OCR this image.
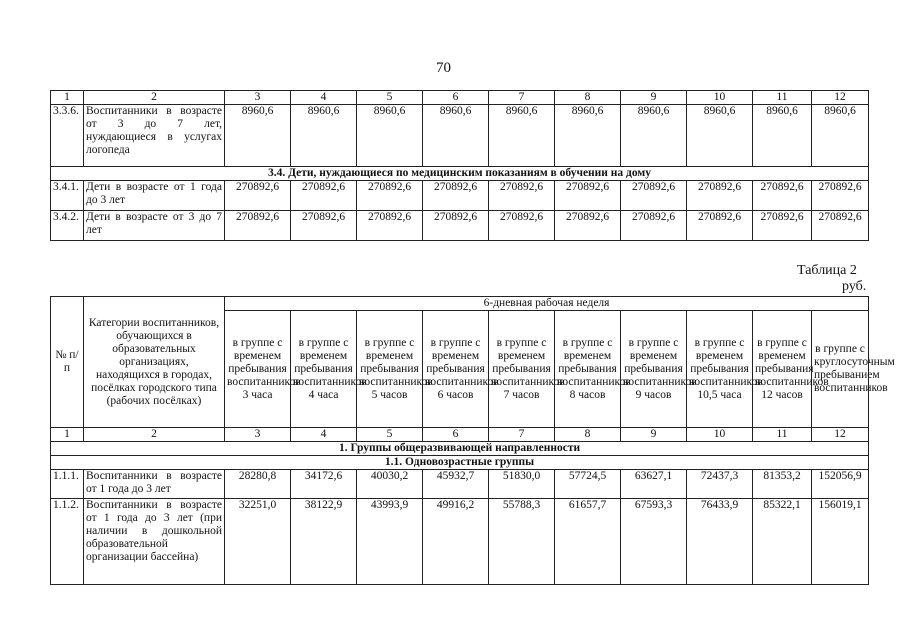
70
1	2	3	4	5	6	7	8	9	10	11	12
3.3.6.	Воспитанники в возрасте от 3 до 7 лет, нуждающиеся в услугах логопеда	8960,6	8960,6	8960,6	8960,6	8960,6	8960,6	8960,6	8960,6	8960,6	8960,6
3.4. Дети, нуждающиеся по медицинским показаниям в обучении на дому											
3.4.1.	Дети в возрасте от 1 года до 3 лет	270892,6	270892,6	270892,6	270892,6	270892,6	270892,6	270892,6	270892,6	270892,6	270892,6
3.4.2.	Дети в возрасте от 3 до 7 лет	270892,6	270892,6	270892,6	270892,6	270892,6	270892,6	270892,6	270892,6	270892,6	270892,6
Таблица 2
руб.
№ п/п	Категории воспитанников, обучающихся в образовательных организациях, находящихся в городах, посёлках городского типа (рабочих посёлках)	6-дневная рабочая неделя									
		в группе с временем пребывания воспитанников 3 часа	в группе с временем пребывания воспитанников 4 часа	в группе с временем пребывания воспитанников 5 часов	в группе с временем пребывания воспитанников 6 часов	в группе с временем пребывания воспитанников 7 часов	в группе с временем пребывания воспитанников 8 часов	в группе с временем пребывания воспитанников 9 часов	в группе с временем пребывания воспитанников 10,5 часа	в группе с временем пребывания воспитанников 12 часов	в группе с круглосуточным пребыванием воспитанников
1	2	3	4	5	6	7	8	9	10	11	12
1. Группы общеразвивающей направленности											
1.1. Одновозрастные группы											
1.1.1.	Воспитанники в возрасте от 1 года до 3 лет	28280,8	34172,6	40030,2	45932,7	51830,0	57724,5	63627,1	72437,3	81353,2	152056,9
1.1.2.	Воспитанники в возрасте от 1 года до 3 лет (при наличии в дошкольной образовательной организации бассейна)	32251,0	38122,9	43993,9	49916,2	55788,3	61657,7	67593,3	76433,9	85322,1	156019,1
